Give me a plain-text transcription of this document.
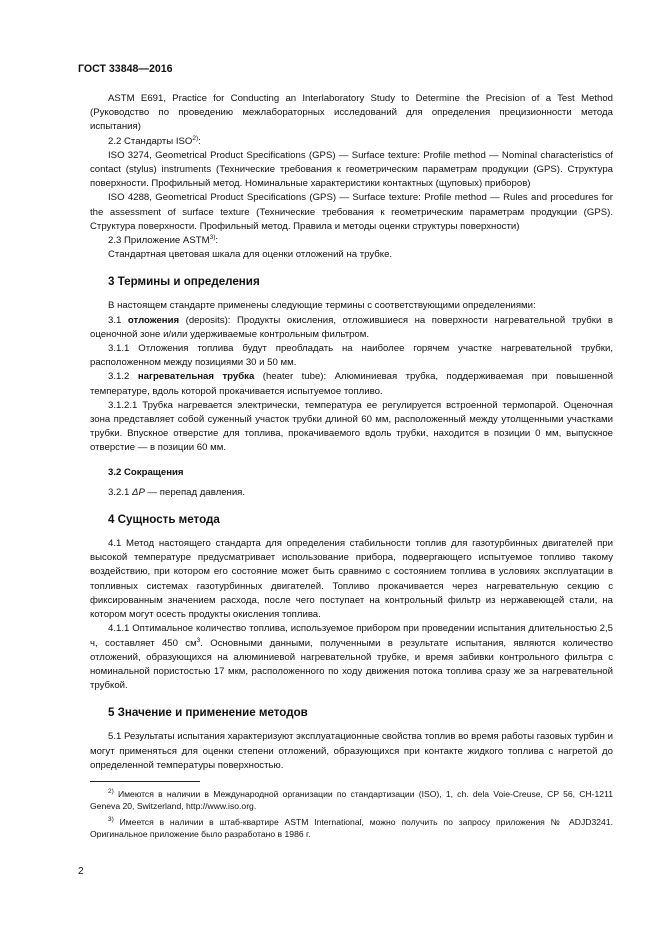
ГОСТ 33848—2016

ASTM E691, Practice for Conducting an Interlaboratory Study to Determine the Precision of a Test Method (Руководство по проведению межлабораторных исследований для определения прецизионности метода испытания)

2.2 Стандарты ISO$^{2)}$:

ISO 3274, Geometrical Product Specifications (GPS) — Surface texture: Profile method — Nominal characteristics of contact (stylus) instruments (Технические требования к геометрическим параметрам продукции (GPS). Структура поверхности. Профильный метод. Номинальные характеристики контактных (щуповых) приборов)

ISO 4288, Geometrical Product Specifications (GPS) — Surface texture: Profile method — Rules and procedures for the assessment of surface texture (Технические требования к геометрическим параметрам продукции (GPS). Структура поверхности. Профильный метод. Правила и методы оценки структуры поверхности)

2.3 Приложение ASTM$^{3)}$:

Стандартная цветовая шкала для оценки отложений на трубке.

3 Термины и определения

В настоящем стандарте применены следующие термины с соответствующими определениями:

3.1 отложения (deposits): Продукты окисления, отложившиеся на поверхности нагревательной трубки в оценочной зоне и/или удерживаемые контрольным фильтром.

3.1.1 Отложения топлива будут преобладать на наиболее горячем участке нагревательной трубки, расположенном между позициями 30 и 50 мм.

3.1.2 нагревательная трубка (heater tube): Алюминиевая трубка, поддерживаемая при повышенной температуре, вдоль которой прокачивается испытуемое топливо.

3.1.2.1 Трубка нагревается электрически, температура ее регулируется встроенной термопарой. Оценочная зона представляет собой суженный участок трубки длиной 60 мм, расположенный между утолщенными участками трубки. Впускное отверстие для топлива, прокачиваемого вдоль трубки, находится в позиции 0 мм, выпускное отверстие — в позиции 60 мм.

3.2 Сокращения

3.2.1 ΔP — перепад давления.

4 Сущность метода

4.1 Метод настоящего стандарта для определения стабильности топлив для газотурбинных двигателей при высокой температуре предусматривает использование прибора, подвергающего испытуемое топливо такому воздействию, при котором его состояние может быть сравнимо с состоянием топлива в условиях эксплуатации в топливных системах газотурбинных двигателей. Топливо прокачивается через нагревательную секцию с фиксированным значением расхода, после чего поступает на контрольный фильтр из нержавеющей стали, на котором могут осесть продукты окисления топлива.

4.1.1 Оптимальное количество топлива, используемое прибором при проведении испытания длительностью 2,5 ч, составляет 450 $см^3$. Основными данными, полученными в результате испытания, являются количество отложений, образующихся на алюминиевой нагревательной трубке, и время забивки контрольного фильтра с номинальной пористостью 17 мкм, расположенного по ходу движения потока топлива сразу же за нагревательной трубкой.

5 Значение и применение методов

5.1 Результаты испытания характеризуют эксплуатационные свойства топлив во время работы газовых турбин и могут применяться для оценки степени отложений, образующихся при контакте жидкого топлива с нагретой до определенной температуры поверхностью.

$^{2)}$ Имеются в наличии в Международной организации по стандартизации (ISO), 1, ch. dela Voie-Creuse, CP 56, CH-1211 Geneva 20, Switzerland, http://www.iso.org.

$^{3)}$ Имеется в наличии в штаб-квартире ASTM International, можно получить по запросу приложения № ADJD3241. Оригинальное приложение было разработано в 1986 г.

2
